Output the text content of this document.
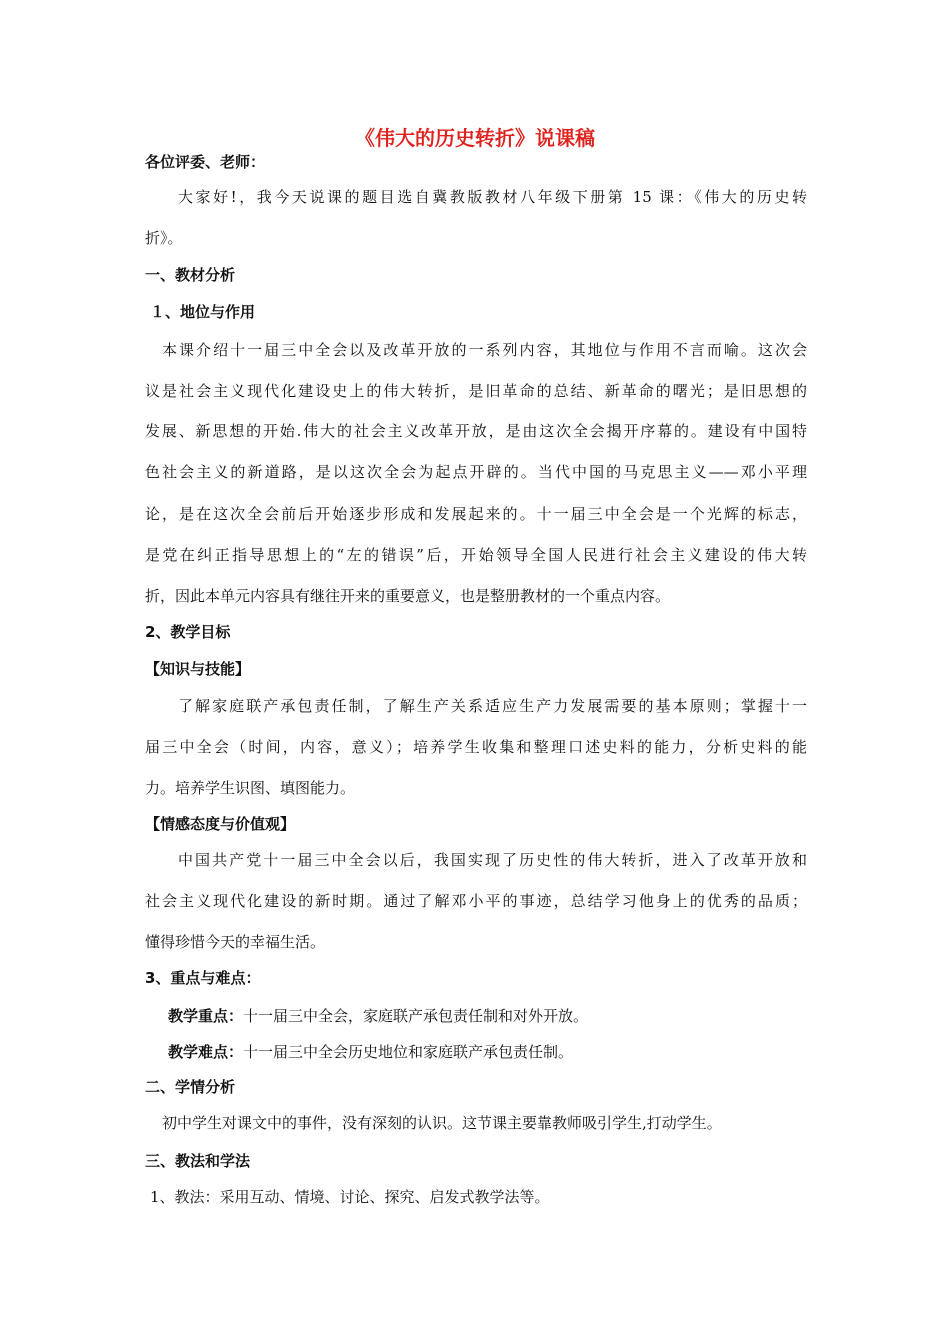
《伟大的历史转折》说课稿
各位评委、老师：
大家好!，我今天说课的题目选自冀教版教材八年级下册第 15 课：《伟大的历史转
折》。
一、教材分析
１、地位与作用
本课介绍十一届三中全会以及改革开放的一系列内容，其地位与作用不言而喻。这次会
议是社会主义现代化建设史上的伟大转折，是旧革命的总结、新革命的曙光；是旧思想的
发展、新思想的开始.伟大的社会主义改革开放，是由这次全会揭开序幕的。建设有中国特
色社会主义的新道路，是以这次全会为起点开辟的。当代中国的马克思主义——邓小平理
论，是在这次全会前后开始逐步形成和发展起来的。十一届三中全会是一个光辉的标志，
是党在纠正指导思想上的“左的错误”后，开始领导全国人民进行社会主义建设的伟大转
折，因此本单元内容具有继往开来的重要意义，也是整册教材的一个重点内容。
2、教学目标
【知识与技能】
了解家庭联产承包责任制，了解生产关系适应生产力发展需要的基本原则；掌握十一
届三中全会（时间，内容，意义）；培养学生收集和整理口述史料的能力，分析史料的能
力。培养学生识图、填图能力。
【情感态度与价值观】
中国共产党十一届三中全会以后，我国实现了历史性的伟大转折，进入了改革开放和
社会主义现代化建设的新时期。通过了解邓小平的事迹，总结学习他身上的优秀的品质；
懂得珍惜今天的幸福生活。
3、重点与难点：
教学重点：十一届三中全会，家庭联产承包责任制和对外开放。
教学难点：十一届三中全会历史地位和家庭联产承包责任制。
二、学情分析
初中学生对课文中的事件，没有深刻的认识。这节课主要靠教师吸引学生,打动学生。
三、教法和学法
1、教法：采用互动、情境、讨论、探究、启发式教学法等。
